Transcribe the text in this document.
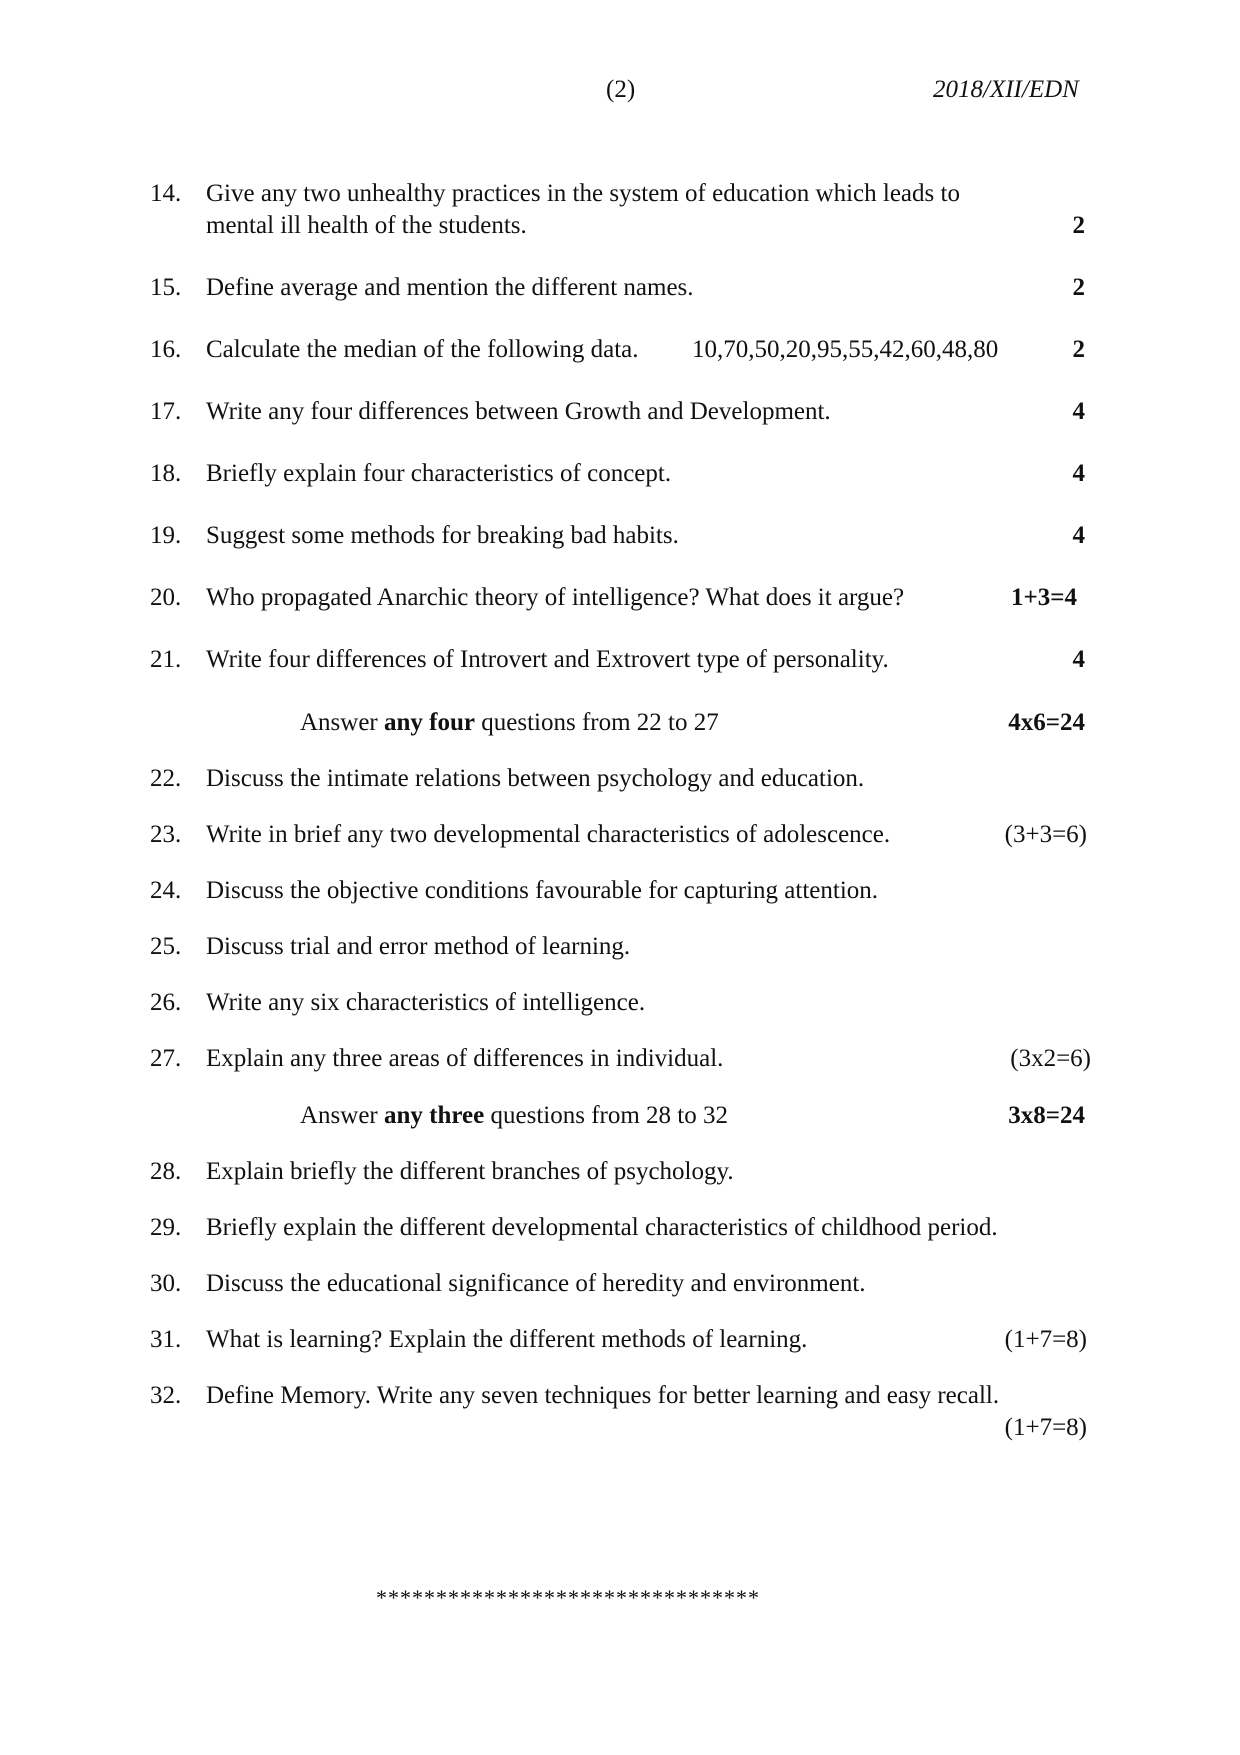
(2)	2018/XII/EDN
14. Give any two unhealthy practices in the system of education which leads to
mental ill health of the students.	2
15. Define average and mention the different names.	2
16. Calculate the median of the following data.	10,70,50,20,95,55,42,60,48,80	2
17. Write any four differences between Growth and Development.	4
18. Briefly explain four characteristics of concept.	4
19. Suggest some methods for breaking bad habits.	4
20. Who propagated Anarchic theory of intelligence? What does it argue?	1+3=4
21. Write four differences of Introvert and Extrovert type of personality.	4
Answer any four questions from 22 to 27	4x6=24
22. Discuss the intimate relations between psychology and education.
23. Write in brief any two developmental characteristics of adolescence.	(3+3=6)
24. Discuss the objective conditions favourable for capturing attention.
25. Discuss trial and error method of learning.
26. Write any six characteristics of intelligence.
27. Explain any three areas of differences in individual.	(3x2=6)
Answer any three questions from 28 to 32	3x8=24
28. Explain briefly the different branches of psychology.
29. Briefly explain the different developmental characteristics of childhood period.
30. Discuss the educational significance of heredity and environment.
31. What is learning? Explain the different methods of learning.	(1+7=8)
32. Define Memory. Write any seven techniques for better learning and easy recall.
(1+7=8)
********************************
